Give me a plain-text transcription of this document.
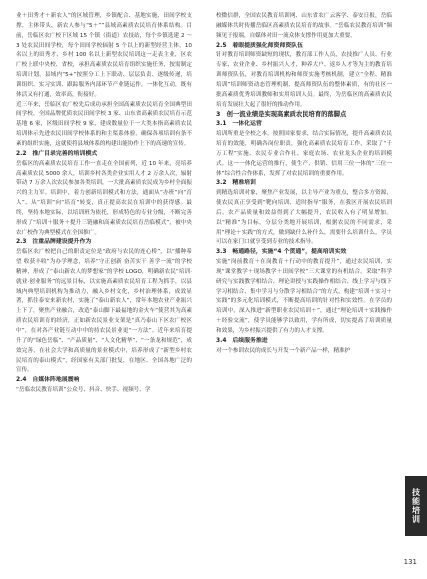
业＋田秀才＋新农人”的区域管理，乡镇配合、基地实施、田间学校支撑，主体带头，新农人参与“5＋””县域高素质农民培育体系结构。目前，岳临区农广校下区域 15 个镇（街道）农技站，每个乡镇选建 2 ～ 3 处农民田间学校，每个田间学校辐射 5 个以上的新型经营主体，10 名以上的田秀才、乡村 100 名以上新型农民培训这一走表主业，区农广校上联中央校、省校，承担高素质农民培育组织实施任务，按需制定培训计划，县域内“5+”按照分工上下联动、层层负责、逐级传递，培训组织、实习实训、跟踪服务内部环节产业链运作，一体化互动，既有体活又有打通，效率高，衔接好。

近三年来，岳临区农广校先后成功承担全国高素质农民培育全国典型田间学校、全国品牌优质农民田间学校 3 家、山东省高素质农民培育示范基地 6 家，区级田间学校 9 家，建成数量位于一大类本指高素质农民培训体示先进农民田间学校体系的和主渠系体验，确保各项培训有条不紊的组织实施，这就使将县域体系的构建出能协作上下的高速的宣传。

2.2　推广目录完善的培训模式

岳临区的高素质农民培育工作一直走在全国前列，近 10 年来，亮培养高素质农民 5000 余人，培训乡村各类企业实用人才 2 万余人次，辐射带动 7 万余人次农民参加各类培训，一大批高素质农民成为乡村全面振兴的主力军。培训中，着力创新培训模式和方法，通面从“办班”向“育人”、从“培训”向“培育”转变，真正提高农民在培训中的获得感。最终，坚持本地实际，以培训班为依托，形成特色的专业分级，不断完善形成了“培训＋服务＋提升三链融和高素质农民培育岳临模式”，被中央农广校作为典型模式在全国推广。

2.3　注重品牌建设提升作为

岳临区农广校把自己的职责定位是“政府与农民的连心桥”，以“播种希望 收获丰收”为办学理念，培养“守正创新 奋苦实干 善学一流”的学校精神，形成了“泰山新农人的梦想家”的学校 LOGO，明确新农民“培训·就业·创业服务”的远景目标，以实施高素质农民培育工程为抓手，以县域内典型培训机构为推动力，融入乡村文化，乡村治理体系，成效显著，抓住泰安来新农村，实施了“泰山新农人”，常年本地农业产业振兴上下了，聚焦产业融合，改造“泰山脚下最福地的金火车”使营其为高素质农民培训育的经济，正如新农民景业支架是“真乃泰山下区农广校区中”，在对各产业链互动中中的持农民景业更“一方法”。近年来培育提升了的“绿色岳临”、“产品质量”、“人文化精华”、“一条龙和规范”，成效完善，在社会大学和高质量的景业模式中，培养形成了“新型乡村农民培育的泰山模式”，经国家有关部门批复，在地区、全国各地广泛的宣传。

2.4　自媒体阵地展震响

“岳临农民教育培训”公众号、抖音、快手、视频号、学

校微信群，全国农民教育培训网、山东省农广云客学、泰安日报，岳临融媒体共时传播岳临区高素质农民培育的故事。“岳临农民教育培训”频频见于报端，自媒体对田一流众体支撑作用更加大重要。

2.5　着眼提质强化师资师资队伍

针对教育培训师资缺短的现状，教育部工作人员，农技推广人员、行业专家、农业企业、乡村振兴人才、种养大户、返乡人才等为主的教育培训师资队伍，对教育培训机构和师资实施考核机制，建立“全程、精准培训”培训师资动态管理机制，提高师资队伍的整体素质，有的社区一批高素质优秀培训教师和实用培训人员。最终，为岳临区的高素质农民培育发展壮大起了很好的推动作用。

3　创一流业绩是实现高素质农民培育的落脚点

3.1　一体化运营

培训所重是全校之本，按照国家要求，结合实际情况，提升高素质农民培育的效能，明确各岗位职责，强化高素质农民培育工作，采取了“千万工程”实施、农民专业合作社、家庭农场、农业龙头企业的培训模式。这一一体化运营的推行，使生产、供销、信用三位一体的“三位一体”综合性合作体系，发挥了对农民培训的重要作用。

3.2　精准培训

到精选培训对象，聚焦产业发展，以主导产业为重点，整合多方资源，使农民真正享受到“靶向培训、适时指导”服务，在我区开展农民培训后，农产品质量和效益得到了大幅提升，农民收入有了明显增加。以“精准”为目标，分层分类地开展培训，根据农民的不同需求，采用“理论＋实践”的方式，做到缺什么补什么，需要什么培训什么，学员可以在家门口就享受到专业的技术指导。

3.3　畅通路径，实施“4 个贯通”，提高培训实效

实施“岗前教育＋在岗教育＋行动中的教育提升”，通过农民培训，实现“课堂教学＋现场教学＋田间学校”三大课堂的有机结合。采取“科学研究与实践教学相结合、理论讲授与实践操作相结合、线上学习与线下学习相结合、集中学习与分散学习相结合”的方式，构建“培训＋实习＋实践”的多元化培训模式，不断提高培训的针对性和实效性。在学员的培训中，深入推进“新型职业农民培训＋”，通过“理论培训＋实践操作＋经验交流”，使学员能够学以致用，学有所成，切实提高了培训质量和效果，为乡村振兴提供了有力的人才支撑。

3.4　后续服务推进

对一个参训农民的成长与开发一个新产品一样，精准护

技能培训
131
